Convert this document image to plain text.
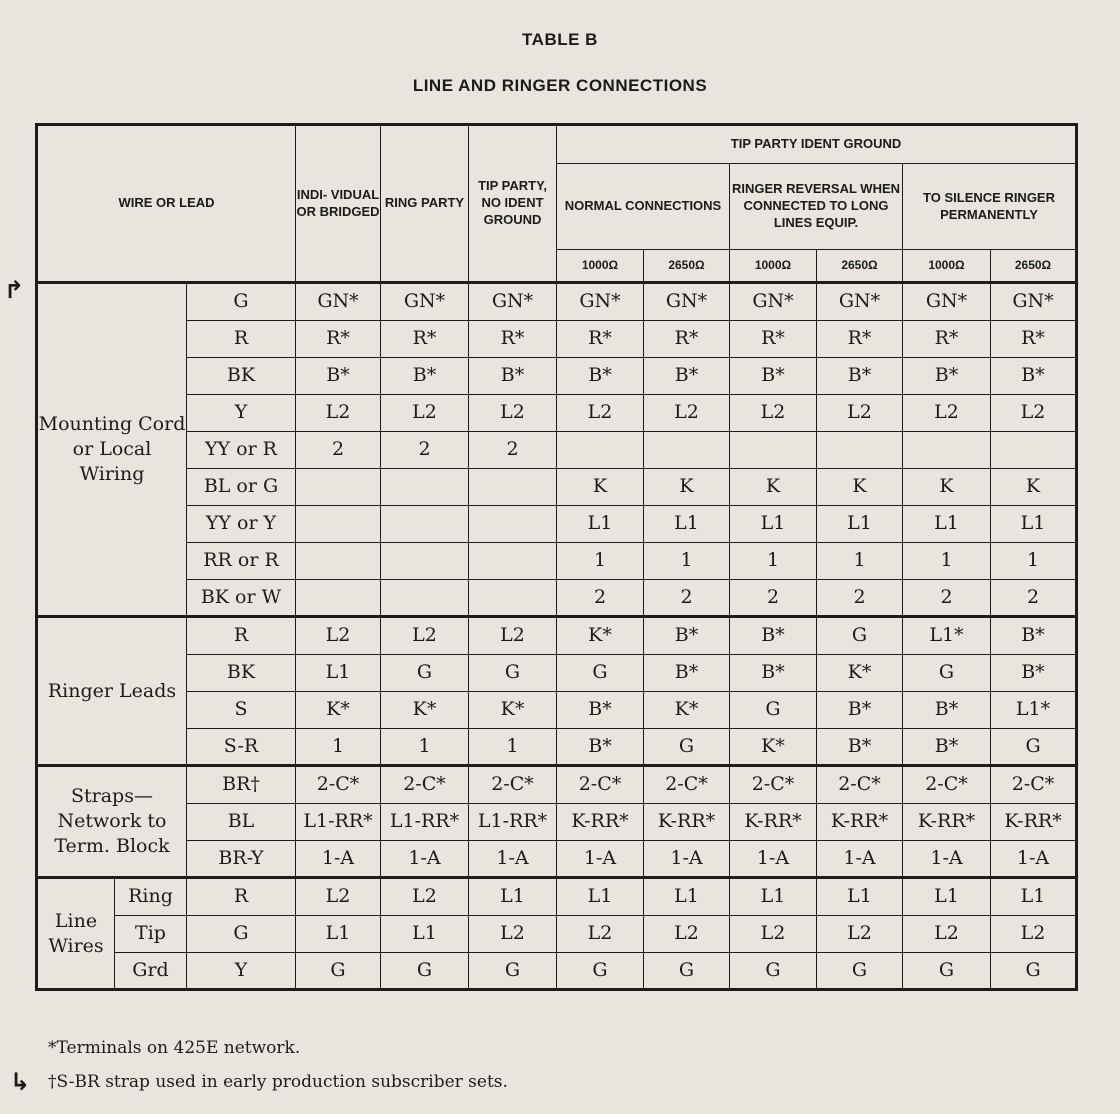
TABLE B
LINE AND RINGER CONNECTIONS
↱
↳
WIRE OR LEAD			INDI- VIDUAL OR BRIDGED	RING PARTY	TIP PARTY, NO IDENT GROUND	TIP PARTY IDENT GROUND					
						NORMAL CONNECTIONS		RINGER REVERSAL WHEN CONNECTED TO LONG LINES EQUIP.		TO SILENCE RINGER PERMANENTLY	
						1000Ω	2650Ω	1000Ω	2650Ω	1000Ω	2650Ω
Mounting Cord or Local Wiring		G	GN*	GN*	GN*	GN*	GN*	GN*	GN*	GN*	GN*
		R	R*	R*	R*	R*	R*	R*	R*	R*	R*
		BK	B*	B*	B*	B*	B*	B*	B*	B*	B*
		Y	L2	L2	L2	L2	L2	L2	L2	L2	L2
		YY or R	2	2	2						
		BL or G				K	K	K	K	K	K
		YY or Y				L1	L1	L1	L1	L1	L1
		RR or R				1	1	1	1	1	1
		BK or W				2	2	2	2	2	2
Ringer Leads		R	L2	L2	L2	K*	B*	B*	G	L1*	B*
		BK	L1	G	G	G	B*	B*	K*	G	B*
		S	K*	K*	K*	B*	K*	G	B*	B*	L1*
		S-R	1	1	1	B*	G	K*	B*	B*	G
Straps— Network to Term. Block		BR†	2-C*	2-C*	2-C*	2-C*	2-C*	2-C*	2-C*	2-C*	2-C*
		BL	L1-RR*	L1-RR*	L1-RR*	K-RR*	K-RR*	K-RR*	K-RR*	K-RR*	K-RR*
		BR-Y	1-A	1-A	1-A	1-A	1-A	1-A	1-A	1-A	1-A
Line Wires	Ring	R	L2	L2	L1	L1	L1	L1	L1	L1	L1
	Tip	G	L1	L1	L2	L2	L2	L2	L2	L2	L2
	Grd	Y	G	G	G	G	G	G	G	G	G
*Terminals on 425E network.
†S-BR strap used in early production subscriber sets.
